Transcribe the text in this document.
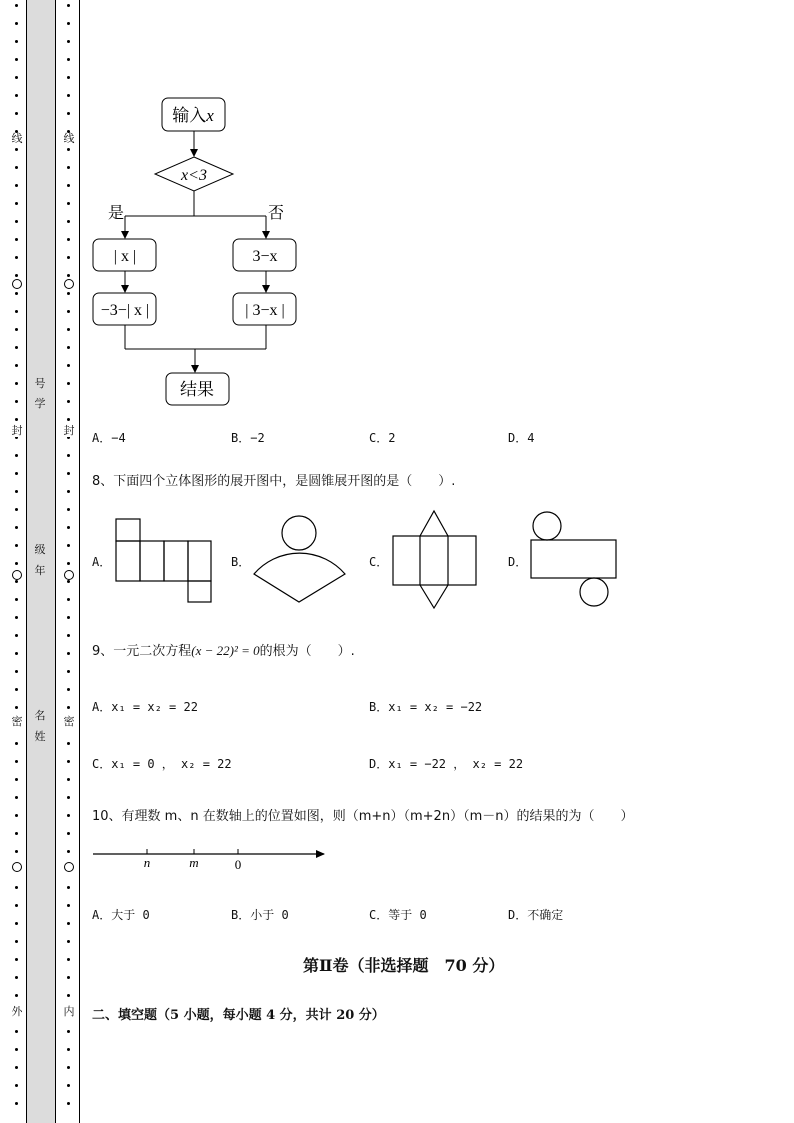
线
封
密
外
线
封
密
内
号
学
级
年
名
姓
输入x
x<3
是	否
| x |	3−x
−3−| x |	| 3−x |
结果
A．−4	B．−2	C．2	D．4
8、下面四个立体图形的展开图中，是圆锥展开图的是（　　）.
A．	B．	C．	D．
9、一元二次方程(x − 22)² = 0的根为（　　）.
A．x₁ = x₂ = 22	B．x₁ = x₂ = −22
C．x₁ = 0 ， x₂ = 22	D．x₁ = −22 ， x₂ = 22
10、有理数 m、n 在数轴上的位置如图，则（m+n）（m+2n）（m－n）的结果的为（　　）
n	m	0
A．大于 0	B．小于 0	C．等于 0	D．不确定
第Ⅱ卷（非选择题　70 分）
二、填空题（5 小题，每小题 4 分，共计 20 分）
